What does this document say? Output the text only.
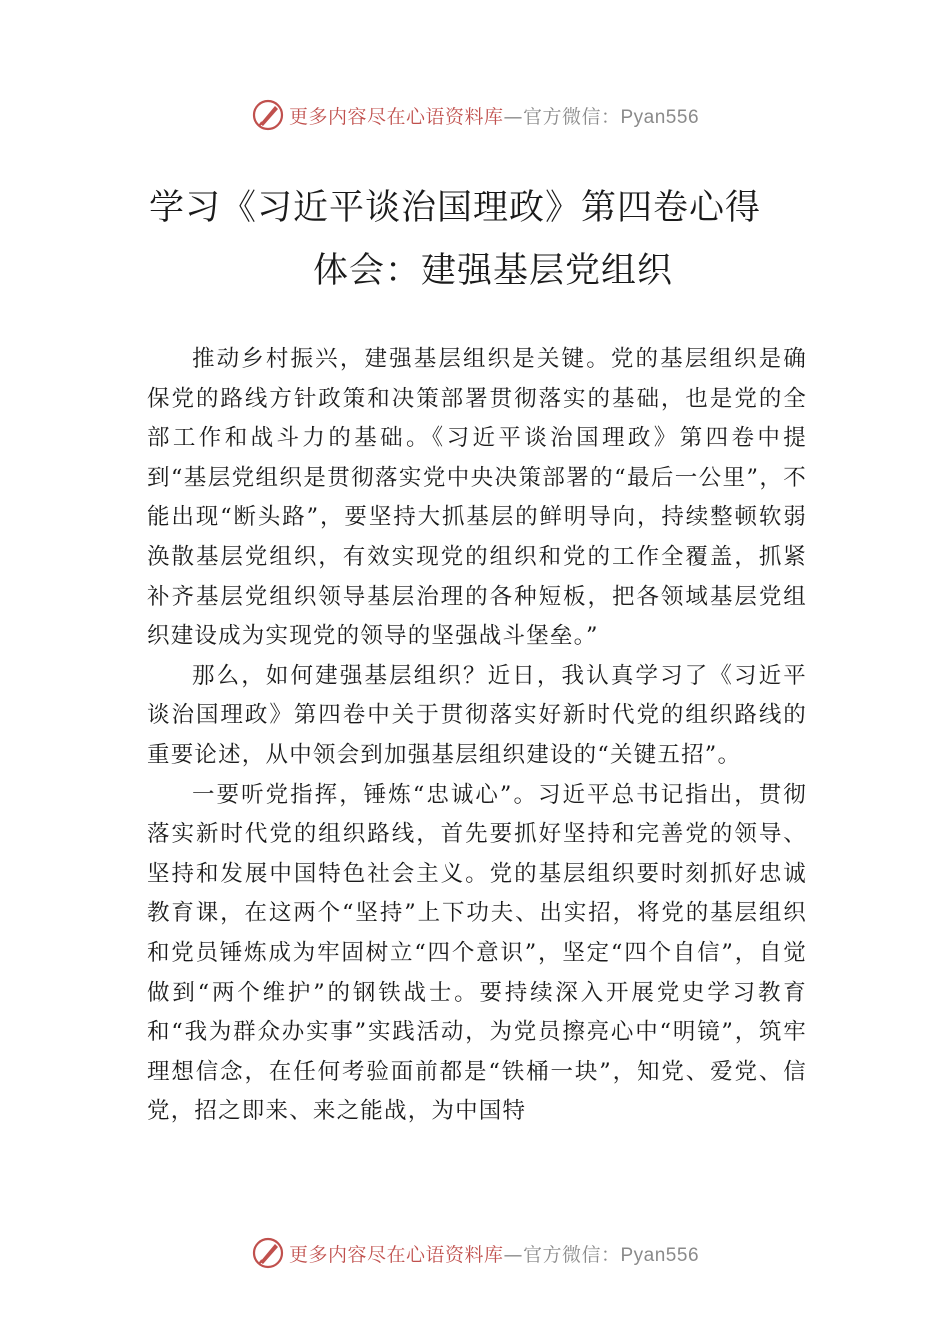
更多内容尽在心语资料库—官方微信：Pyan556
学习《习近平谈治国理政》第四卷心得
体会：建强基层党组织

推动乡村振兴，建强基层组织是关键。党的基层组织是确保党的路线方针政策和决策部署贯彻落实的基础，也是党的全部工作和战斗力的基础。《习近平谈治国理政》第四卷中提到“基层党组织是贯彻落实党中央决策部署的“最后一公里”，不能出现“断头路”，要坚持大抓基层的鲜明导向，持续整顿软弱涣散基层党组织，有效实现党的组织和党的工作全覆盖，抓紧补齐基层党组织领导基层治理的各种短板，把各领域基层党组织建设成为实现党的领导的坚强战斗堡垒。”

那么，如何建强基层组织？近日，我认真学习了《习近平谈治国理政》第四卷中关于贯彻落实好新时代党的组织路线的重要论述，从中领会到加强基层组织建设的“关键五招”。

一要听党指挥，锤炼“忠诚心”。习近平总书记指出，贯彻落实新时代党的组织路线，首先要抓好坚持和完善党的领导、坚持和发展中国特色社会主义。党的基层组织要时刻抓好忠诚教育课，在这两个“坚持”上下功夫、出实招，将党的基层组织和党员锤炼成为牢固树立“四个意识”，坚定“四个自信”，自觉做到“两个维护”的钢铁战士。要持续深入开展党史学习教育和“我为群众办实事”实践活动，为党员擦亮心中“明镜”，筑牢理想信念，在任何考验面前都是“铁桶一块”，知党、爱党、信党，招之即来、来之能战，为中国特

更多内容尽在心语资料库—官方微信：Pyan556
